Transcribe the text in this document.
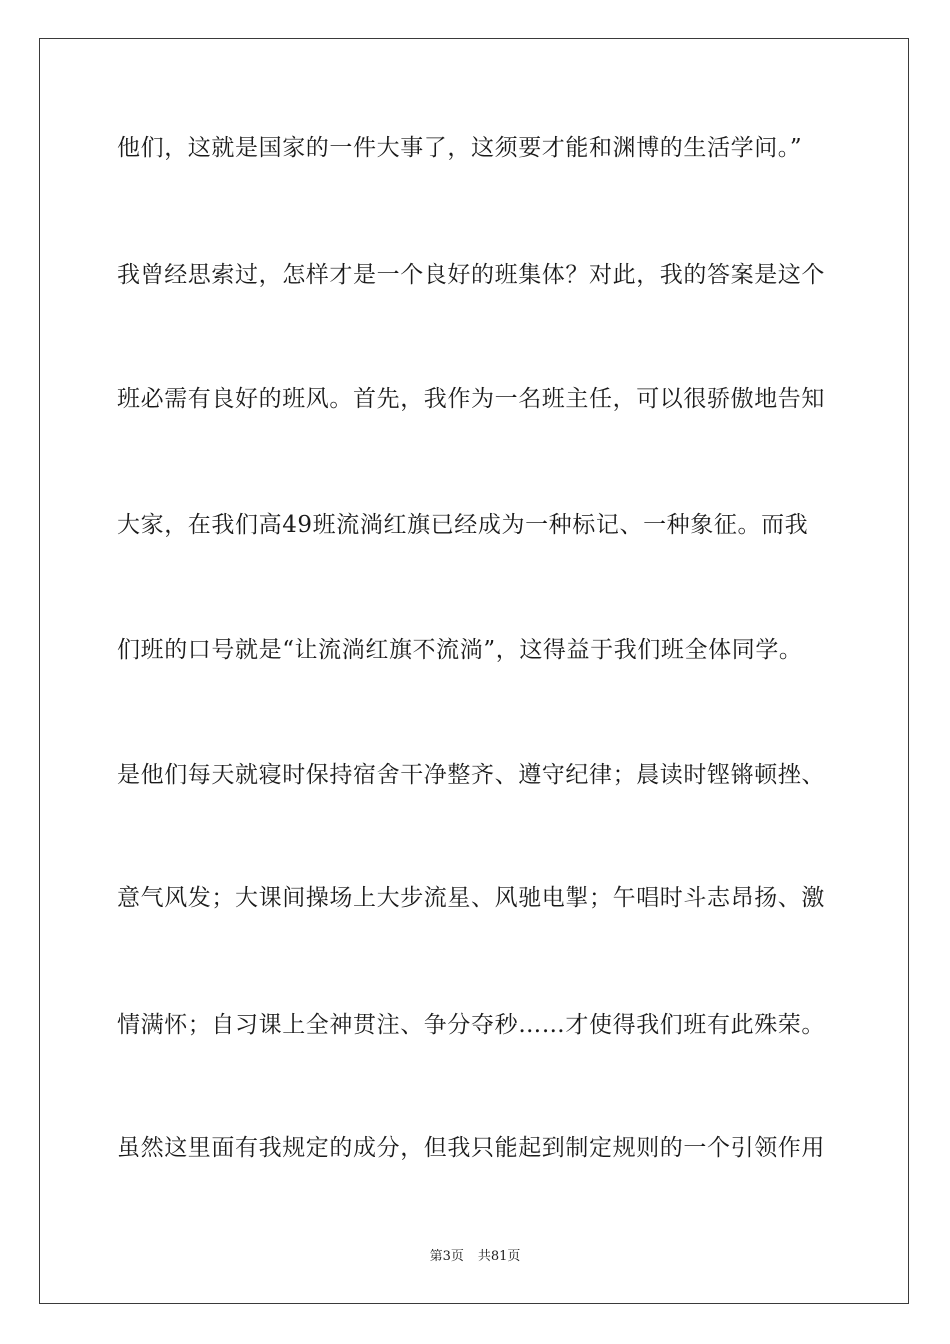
他们，这就是国家的一件大事了，这须要才能和渊博的生活学问。”
我曾经思索过，怎样才是一个良好的班集体？对此，我的答案是这个
班必需有良好的班风。首先，我作为一名班主任，可以很骄傲地告知
大家，在我们高49班流淌红旗已经成为一种标记、一种象征。而我
们班的口号就是“让流淌红旗不流淌”，这得益于我们班全体同学。
是他们每天就寝时保持宿舍干净整齐、遵守纪律；晨读时铿锵顿挫、
意气风发；大课间操场上大步流星、风驰电掣；午唱时斗志昂扬、激
情满怀；自习课上全神贯注、争分夺秒……才使得我们班有此殊荣。
虽然这里面有我规定的成分，但我只能起到制定规则的一个引领作用
第3页 共81页
